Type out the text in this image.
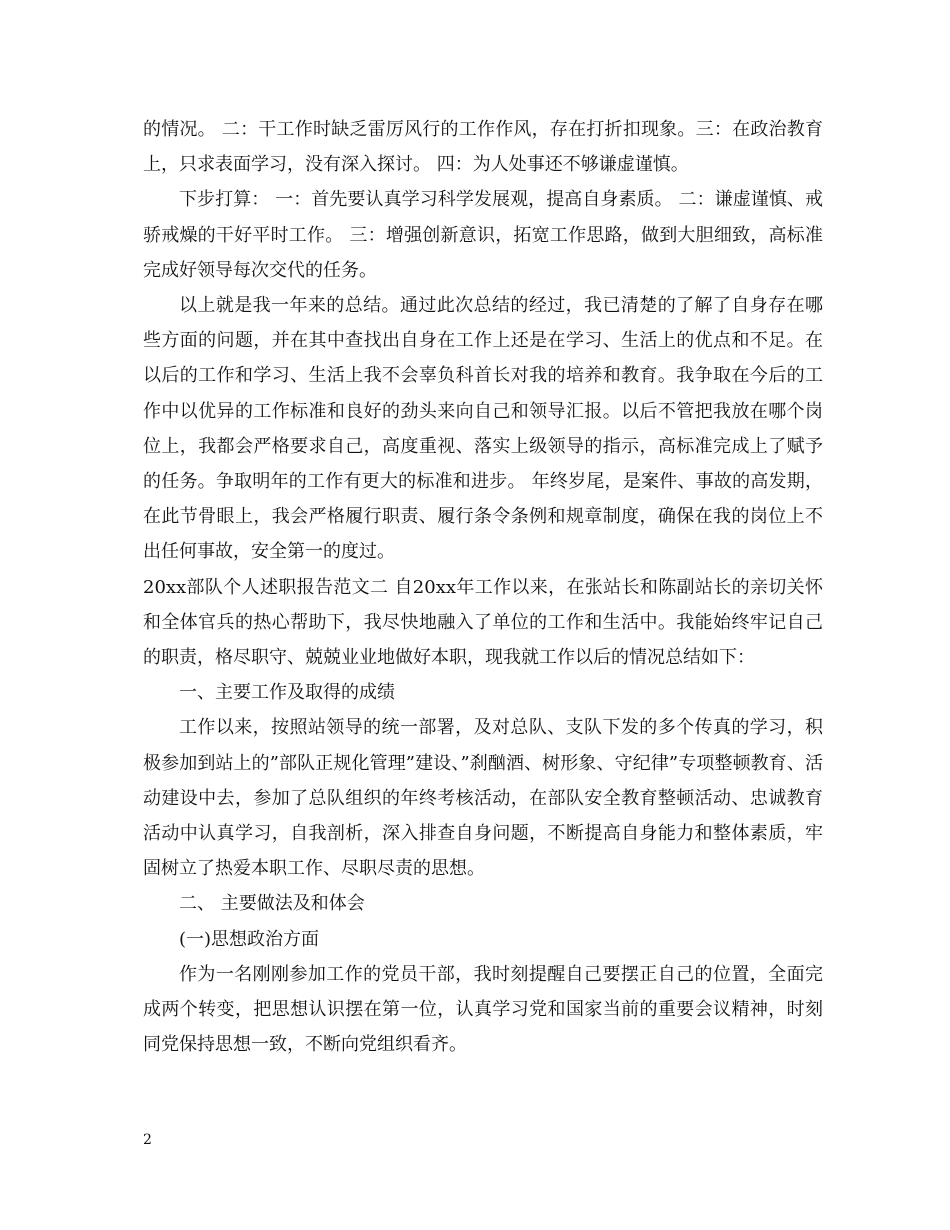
的情况。 二：干工作时缺乏雷厉风行的工作作风，存在打折扣现象。三：在政治教育上，只求表面学习，没有深入探讨。 四：为人处事还不够谦虚谨慎。

下步打算： 一：首先要认真学习科学发展观，提高自身素质。 二：谦虚谨慎、戒骄戒燥的干好平时工作。 三：增强创新意识，拓宽工作思路，做到大胆细致，高标准完成好领导每次交代的任务。

以上就是我一年来的总结。通过此次总结的经过，我已清楚的了解了自身存在哪些方面的问题，并在其中查找出自身在工作上还是在学习、生活上的优点和不足。在以后的工作和学习、生活上我不会辜负科首长对我的培养和教育。我争取在今后的工作中以优异的工作标准和良好的劲头来向自己和领导汇报。以后不管把我放在哪个岗位上，我都会严格要求自己，高度重视、落实上级领导的指示，高标准完成上了赋予的任务。争取明年的工作有更大的标准和进步。 年终岁尾，是案件、事故的高发期，在此节骨眼上，我会严格履行职责、履行条令条例和规章制度，确保在我的岗位上不出任何事故，安全第一的度过。

20xx部队个人述职报告范文二 自20xx年工作以来，在张站长和陈副站长的亲切关怀和全体官兵的热心帮助下，我尽快地融入了单位的工作和生活中。我能始终牢记自己的职责，格尽职守、兢兢业业地做好本职，现我就工作以后的情况总结如下：

一、主要工作及取得的成绩

工作以来，按照站领导的统一部署，及对总队、支队下发的多个传真的学习，积极参加到站上的”部队正规化管理”建设、”刹酗酒、树形象、守纪律”专项整顿教育、活动建设中去，参加了总队组织的年终考核活动，在部队安全教育整顿活动、忠诚教育活动中认真学习，自我剖析，深入排查自身问题，不断提高自身能力和整体素质，牢固树立了热爱本职工作、尽职尽责的思想。

二、 主要做法及和体会

(一)思想政治方面

作为一名刚刚参加工作的党员干部，我时刻提醒自己要摆正自己的位置，全面完成两个转变，把思想认识摆在第一位，认真学习党和国家当前的重要会议精神，时刻同党保持思想一致，不断向党组织看齐。

2
